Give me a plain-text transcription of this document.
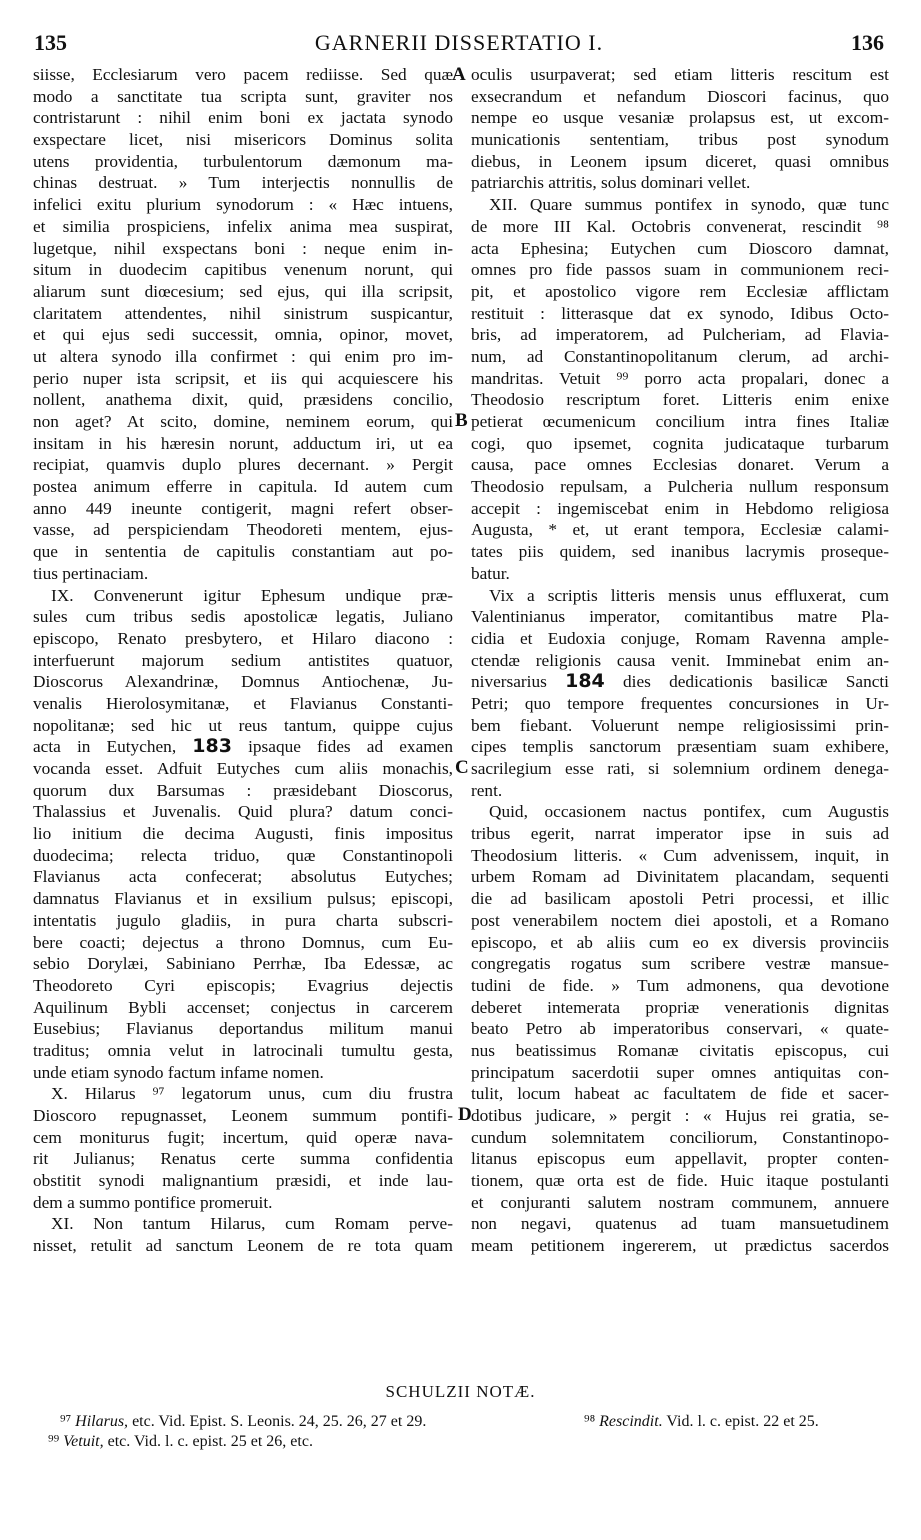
135	GARNERII DISSERTATIO I.	136
siisse, Ecclesiarum vero pacem rediisse. Sed quæ
modo a sanctitate tua scripta sunt, graviter nos
contristarunt : nihil enim boni ex jactata synodo
exspectare licet, nisi misericors Dominus solita
utens providentia, turbulentorum dæmonum ma-
chinas destruat. » Tum interjectis nonnullis de
infelici exitu plurium synodorum : « Hæc intuens,
et similia prospiciens, infelix anima mea suspirat,
lugetque, nihil exspectans boni : neque enim in-
situm in duodecim capitibus venenum norunt, qui
aliarum sunt diœcesium; sed ejus, qui illa scripsit,
claritatem attendentes, nihil sinistrum suspicantur,
et qui ejus sedi successit, omnia, opinor, movet,
ut altera synodo illa confirmet : qui enim pro im-
perio nuper ista scripsit, et iis qui acquiescere his
nollent, anathema dixit, quid, præsidens concilio,
non aget? At scito, domine, neminem eorum, qui
insitam in his hæresin norunt, adductum iri, ut ea
recipiat, quamvis duplo plures decernant. » Pergit
postea animum efferre in capitula. Id autem cum
anno 449 ineunte contigerit, magni refert obser-
vasse, ad perspiciendam Theodoreti mentem, ejus-
que in sententia de capitulis constantiam aut po-
tius pertinaciam.
IX. Convenerunt igitur Ephesum undique præ-
sules cum tribus sedis apostolicæ legatis, Juliano
episcopo, Renato presbytero, et Hilaro diacono :
interfuerunt majorum sedium antistites quatuor,
Dioscorus Alexandrinæ, Domnus Antiochenæ, Ju-
venalis Hierolosymitanæ, et Flavianus Constanti-
nopolitanæ; sed hic ut reus tantum, quippe cujus
acta in Eutychen, 183 ipsaque fides ad examen
vocanda esset. Adfuit Eutyches cum aliis monachis,
quorum dux Barsumas : præsidebant Dioscorus,
Thalassius et Juvenalis. Quid plura? datum conci-
lio initium die decima Augusti, finis impositus
duodecima; relecta triduo, quæ Constantinopoli
Flavianus acta confecerat; absolutus Eutyches;
damnatus Flavianus et in exsilium pulsus; episcopi,
intentatis jugulo gladiis, in pura charta subscri-
bere coacti; dejectus a throno Domnus, cum Eu-
sebio Dorylæi, Sabiniano Perrhæ, Iba Edessæ, ac
Theodoreto Cyri episcopis; Evagrius dejectis
Aquilinum Bybli accenset; conjectus in carcerem
Eusebius; Flavianus deportandus militum manui
traditus; omnia velut in latrocinali tumultu gesta,
unde etiam synodo factum infame nomen.
X. Hilarus ⁹⁷ legatorum unus, cum diu frustra
Dioscoro repugnasset, Leonem summum pontifi-
cem moniturus fugit; incertum, quid operæ nava-
rit Julianus; Renatus certe summa confidentia
obstitit synodi malignantium præsidi, et inde lau-
dem a summo pontifice promeruit.
XI. Non tantum Hilarus, cum Romam perve-
nisset, retulit ad sanctum Leonem de re tota quam
oculis usurpaverat; sed etiam litteris rescitum est
exsecrandum et nefandum Dioscori facinus, quo
nempe eo usque vesaniæ prolapsus est, ut excom-
municationis sententiam, tribus post synodum
diebus, in Leonem ipsum diceret, quasi omnibus
patriarchis attritis, solus dominari vellet.
XII. Quare summus pontifex in synodo, quæ tunc
de more III Kal. Octobris convenerat, rescindit ⁹⁸
acta Ephesina; Eutychen cum Dioscoro damnat,
omnes pro fide passos suam in communionem reci-
pit, et apostolico vigore rem Ecclesiæ afflictam
restituit : litterasque dat ex synodo, Idibus Octo-
bris, ad imperatorem, ad Pulcheriam, ad Flavia-
num, ad Constantinopolitanum clerum, ad archi-
mandritas. Vetuit ⁹⁹ porro acta propalari, donec a
Theodosio rescriptum foret. Litteris enim enixe
petierat œcumenicum concilium intra fines Italiæ
cogi, quo ipsemet, cognita judicataque turbarum
causa, pace omnes Ecclesias donaret. Verum a
Theodosio repulsam, a Pulcheria nullum responsum
accepit : ingemiscebat enim in Hebdomo religiosa
Augusta, * et, ut erant tempora, Ecclesiæ calami-
tates piis quidem, sed inanibus lacrymis proseque-
batur.
Vix a scriptis litteris mensis unus effluxerat, cum
Valentinianus imperator, comitantibus matre Pla-
cidia et Eudoxia conjuge, Romam Ravenna ample-
ctendæ religionis causa venit. Imminebat enim an-
niversarius 184 dies dedicationis basilicæ Sancti
Petri; quo tempore frequentes concursiones in Ur-
bem fiebant. Voluerunt nempe religiosissimi prin-
cipes templis sanctorum præsentiam suam exhibere,
sacrilegium esse rati, si solemnium ordinem denega-
rent.
Quid, occasionem nactus pontifex, cum Augustis
tribus egerit, narrat imperator ipse in suis ad
Theodosium litteris. « Cum advenissem, inquit, in
urbem Romam ad Divinitatem placandam, sequenti
die ad basilicam apostoli Petri processi, et illic
post venerabilem noctem diei apostoli, et a Romano
episcopo, et ab aliis cum eo ex diversis provinciis
congregatis rogatus sum scribere vestræ mansue-
tudini de fide. » Tum admonens, qua devotione
deberet intemerata propriæ venerationis dignitas
beato Petro ab imperatoribus conservari, « quate-
nus beatissimus Romanæ civitatis episcopus, cui
principatum sacerdotii super omnes antiquitas con-
tulit, locum habeat ac facultatem de fide et sacer-
dotibus judicare, » pergit : « Hujus rei gratia, se-
cundum solemnitatem conciliorum, Constantinopo-
litanus episcopus eum appellavit, propter conten-
tionem, quæ orta est de fide. Huic itaque postulanti
et conjuranti salutem nostram communem, annuere
non negavi, quatenus ad tuam mansuetudinem
meam petitionem ingererem, ut prædictus sacerdos
A
B
C
D
SCHULZII NOTÆ.
⁹⁷ Hilarus, etc. Vid. Epist. S. Leonis. 24, 25. 26, 27 et 29.	⁹⁸ Rescindit. Vid. l. c. epist. 22 et 25.
⁹⁹ Vetuit, etc. Vid. l. c. epist. 25 et 26, etc.
